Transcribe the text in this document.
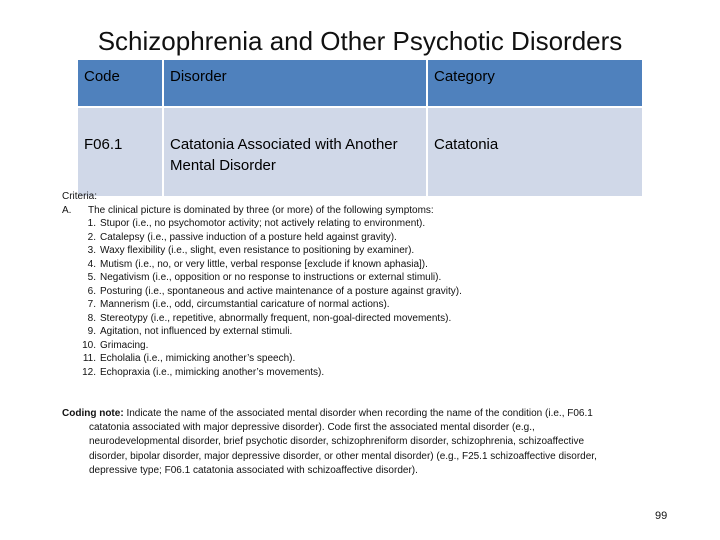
Schizophrenia and Other Psychotic Disorders
Code	Disorder	Category
F06.1	Catatonia Associated with Another Mental Disorder	Catatonia
Criteria:
A.	The clinical picture is dominated by three (or more) of the following symptoms:
1. Stupor (i.e., no psychomotor activity; not actively relating to environment).
2. Catalepsy (i.e., passive induction of a posture held against gravity).
3. Waxy flexibility (i.e., slight, even resistance to positioning by examiner).
4. Mutism (i.e., no, or very little, verbal response [exclude if known aphasia]).
5. Negativism (i.e., opposition or no response to instructions or external stimuli).
6. Posturing (i.e., spontaneous and active maintenance of a posture against gravity).
7. Mannerism (i.e., odd, circumstantial caricature of normal actions).
8. Stereotypy (i.e., repetitive, abnormally frequent, non-goal-directed movements).
9. Agitation, not influenced by external stimuli.
10. Grimacing.
11. Echolalia (i.e., mimicking another’s speech).
12. Echopraxia (i.e., mimicking another’s movements).
Coding note: Indicate the name of the associated mental disorder when recording the name of the condition (i.e., F06.1
catatonia associated with major depressive disorder). Code first the associated mental disorder (e.g.,
neurodevelopmental disorder, brief psychotic disorder, schizophreniform disorder, schizophrenia, schizoaffective
disorder, bipolar disorder, major depressive disorder, or other mental disorder) (e.g., F25.1 schizoaffective disorder,
depressive type; F06.1 catatonia associated with schizoaffective disorder).
99
